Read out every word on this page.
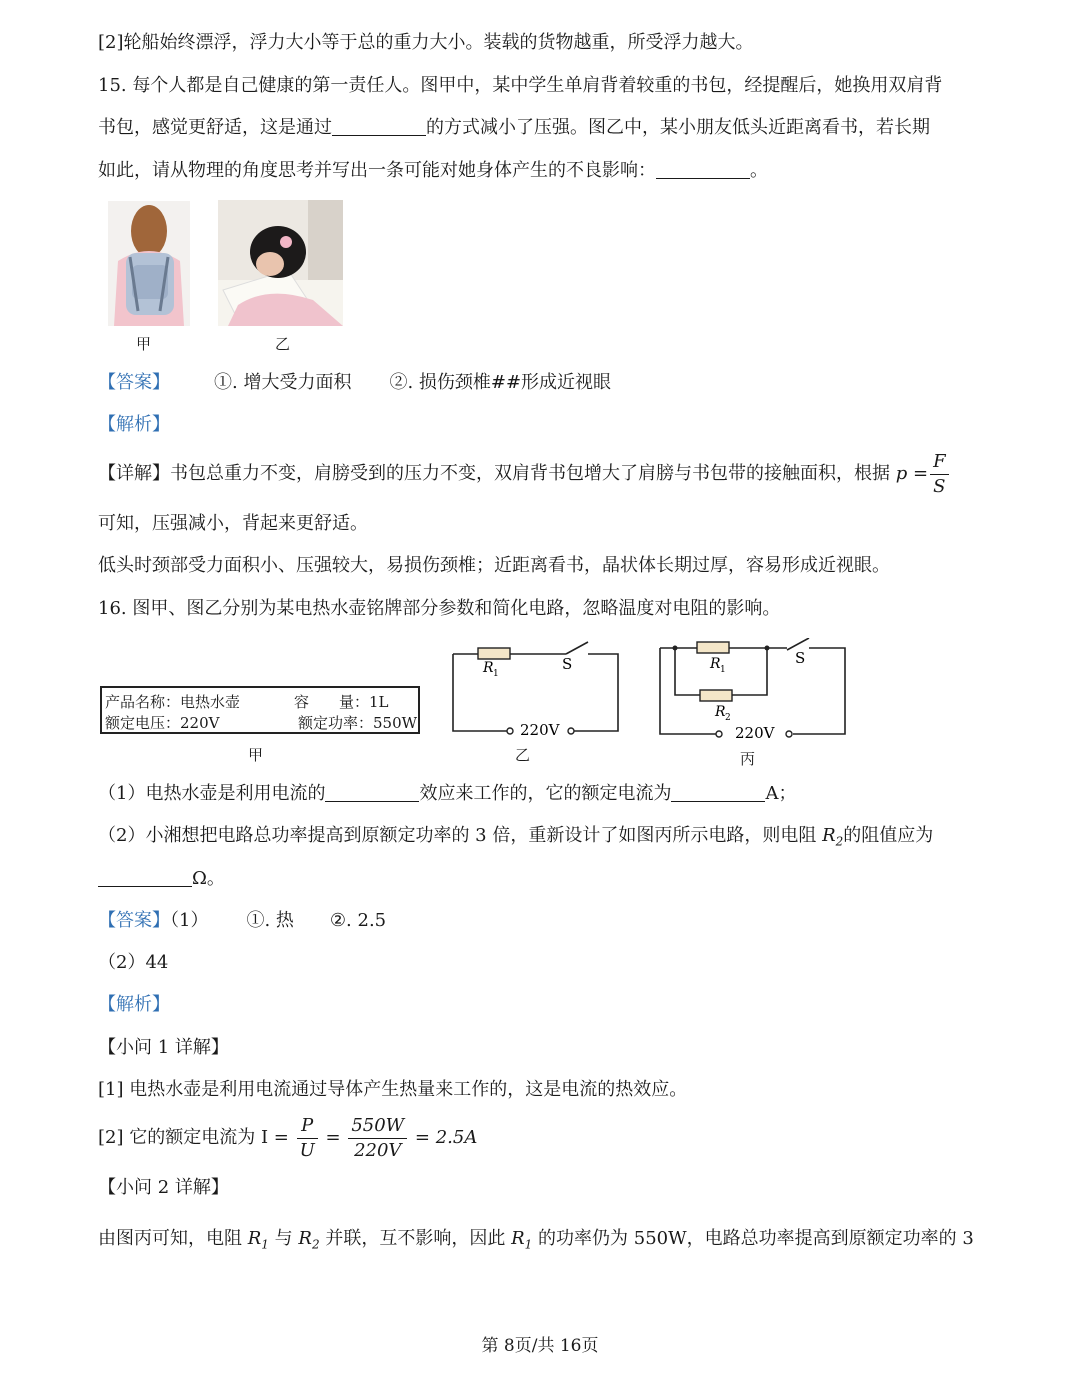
[2]轮船始终漂浮，浮力大小等于总的重力大小。装载的货物越重，所受浮力越大。
15. 每个人都是自己健康的第一责任人。图甲中，某中学生单肩背着较重的书包，经提醒后，她换用双肩背
书包，感觉更舒适，这是通过	的方式减小了压强。图乙中，某小朋友低头近距离看书，若长期
如此，请从物理的角度思考并写出一条可能对她身体产生的不良影响：	。
甲	乙
【答案】 ①. 增大受力面积 ②. 损伤颈椎##形成近视眼
【解析】
【详解】书包总重力不变，肩膀受到的压力不变，双肩背书包增大了肩膀与书包带的接触面积，根据 $p = \frac{F}{S}$
可知，压强减小，背起来更舒适。
低头时颈部受力面积小、压强较大，易损伤颈椎；近距离看书，晶状体长期过厚，容易形成近视眼。
16. 图甲、图乙分别为某电热水壶铭牌部分参数和简化电路，忽略温度对电阻的影响。
产品名称：电热水壶	容　　量：1L
额定电压：220V	额定功率：550W
甲
R 1
S
220V
乙
R 1
R 2
S
220V
丙
（1）电热水壶是利用电流的	效应来工作的，它的额定电流为	A；
（2）小湘想把电路总功率提高到原额定功率的 3 倍，重新设计了如图丙所示电路，则电阻 $R_2$的阻值应为
Ω。
【答案】（1） ①. 热 ②. 2.5
（2）44
【解析】
【小问 1 详解】
[1] 电热水壶是利用电流通过导体产生热量来工作的，这是电流的热效应。
[2] 它的额定电流为 $I = \frac{P}{U} = \frac{550W}{220V} = 2.5A$
【小问 2 详解】
由图丙可知，电阻 $R_1$ 与 $R_2$ 并联，互不影响，因此 $R_1$ 的功率仍为 550W，电路总功率提高到原额定功率的 3
第 8页/共 16页
